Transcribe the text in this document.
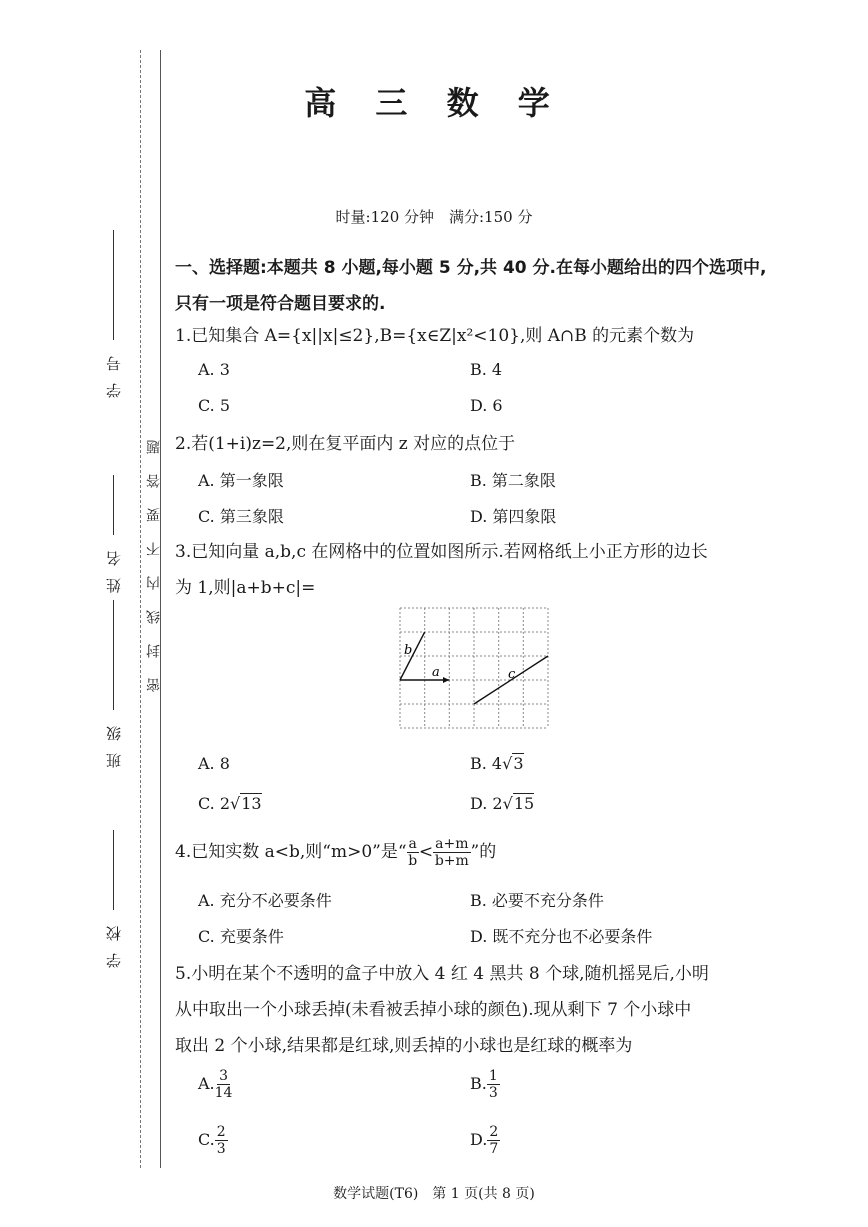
学号
姓名
班级
学校
密封线内不要答题
高 三 数 学
时量:120 分钟　满分:150 分
一、选择题:本题共 8 小题,每小题 5 分,共 40 分.在每小题给出的四个选项中,只有一项是符合题目要求的.
1.已知集合 A={x||x|≤2},B={x∈Z|x²<10},则 A∩B 的元素个数为
A. 3	B. 4
C. 5	D. 6
2.若(1+i)z=2,则在复平面内 z 对应的点位于
A. 第一象限	B. 第二象限
C. 第三象限	D. 第四象限
3.已知向量 a,b,c 在网格中的位置如图所示.若网格纸上小正方形的边长
为 1,则|a+b+c|=
a
b
c
A. 8	B. 4√3
C. 2√13	D. 2√15
4.已知实数 a<b,则“m>0”是“ $\frac{a}{b} < \frac{a+m}{b+m}$ ”的
A. 充分不必要条件	B. 必要不充分条件
C. 充要条件	D. 既不充分也不必要条件
5.小明在某个不透明的盒子中放入 4 红 4 黑共 8 个球,随机摇晃后,小明
从中取出一个小球丢掉(未看被丢掉小球的颜色).现从剩下 7 个小球中
取出 2 个小球,结果都是红球,则丢掉的小球也是红球的概率为
A. $\frac{3}{14}$	B. $\frac{1}{3}$
C. $\frac{2}{3}$	D. $\frac{2}{7}$
数学试题(T6)　第 1 页(共 8 页)
